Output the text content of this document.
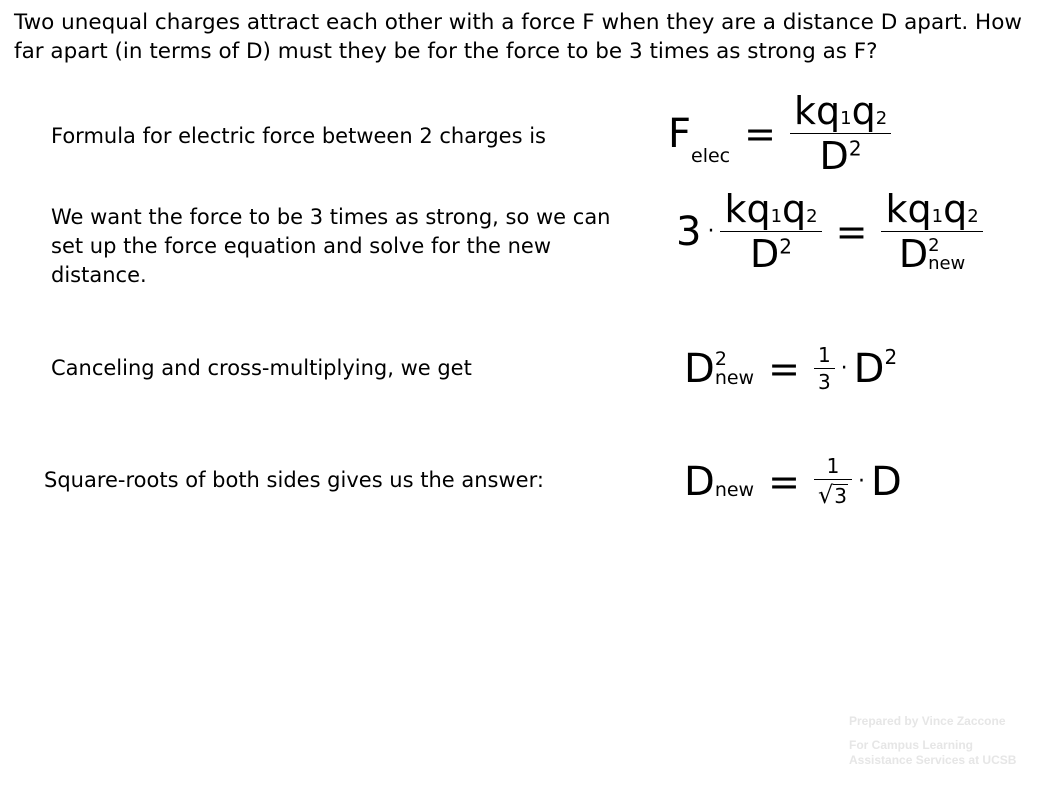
Two unequal charges attract each other with a force F when they are a distance D apart. How far apart (in terms of D) must they be for the force to be 3 times as strong as F?

Formula for electric force between 2 charges is

We want the force to be 3 times as strong, so we can set up the force equation and solve for the new distance.

Canceling and cross-multiplying, we get

Square-roots of both sides gives us the answer:

F elec
= $\frac{kq1q2}{D^2}$
$3 \cdot \frac{kq1q2}{D^2} = kq1q2$
D 2
new
D 2
new = $\frac{1}{3} \cdot D$ 2
D new = $\frac{1}{√ 3} \cdot D$
Prepared by Vince Zaccone
For Campus Learning
Assistance Services at UCSB
